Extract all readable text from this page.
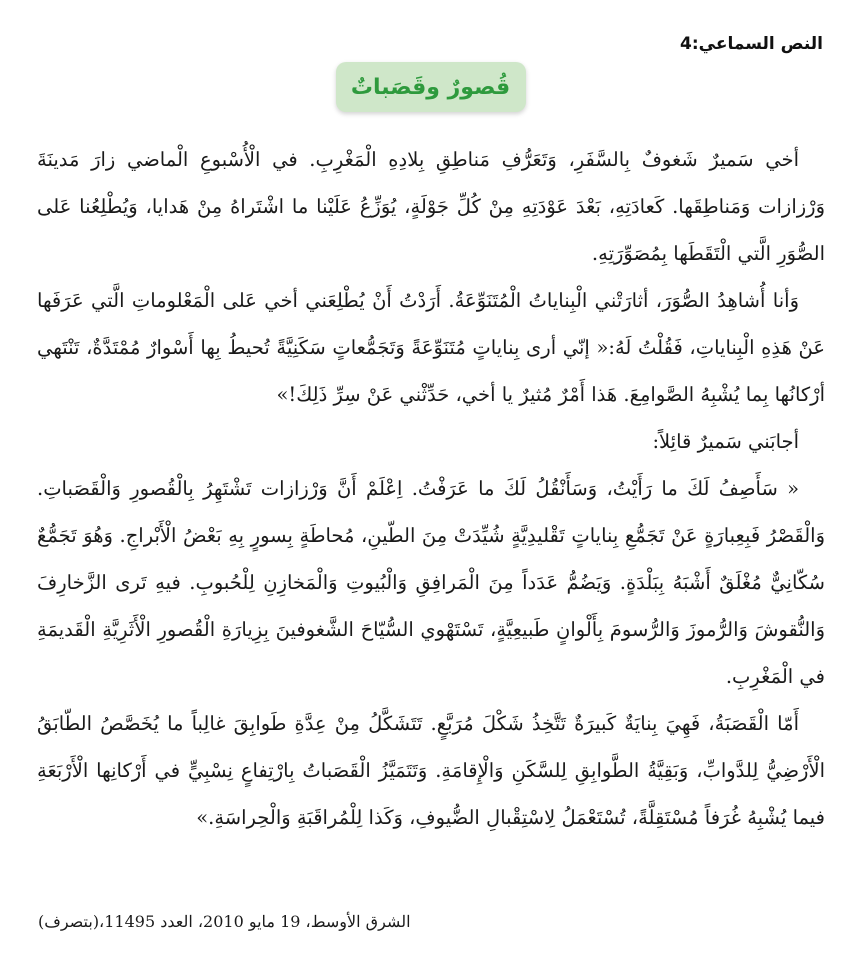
النص السماعي:4
قُصورٌ وقَصَباتٌ

أخي سَميرٌ شَغوفٌ بِالسَّفَرِ، وَتَعَرُّفِ مَناطِقِ بِلادِهِ الْمَغْرِبِ. في الْأُسْبوعِ الْماضي زارَ مَدينَةَ وَرْزازات وَمَناطِقَها. كَعادَتِهِ، بَعْدَ عَوْدَتِهِ مِنْ كُلِّ جَوْلَةٍ، يُوَزِّعُ عَلَيْنا ما اشْتَراهُ مِنْ هَدايا، وَيُطْلِعُنا عَلى الصُّوَرِ الَّتي الْتَقَطَها بِمُصَوِّرَتِهِ.

وَأنا أُشاهِدُ الصُّوَرَ، أثارَتْني الْبِناياتُ الْمُتَنَوِّعَةُ. أَرَدْتُ أَنْ يُطْلِعَني أخي عَلى الْمَعْلوماتِ الَّتي عَرَفَها عَنْ هَذِهِ الْبِناياتِ، فَقُلْتُ لَهُ:« إنّي أرى بِناياتٍ مُتَنَوِّعَةً وَتَجَمُّعاتٍ سَكَنِيَّةً تُحيطُ بِها أَسْوارٌ مُمْتَدَّةٌ، تَنْتَهي أرْكانُها بِما يُشْبِهُ الصَّوامِعَ. هَذا أَمْرٌ مُثيرٌ يا أخي، حَدِّثْني عَنْ سِرِّ ذَلِكَ!»

أجابَني سَميرٌ قائِلاً:

« سَأَصِفُ لَكَ ما رَأَيْتُ، وَسَأَنْقُلُ لَكَ ما عَرَفْتُ. اِعْلَمْ أَنَّ وَرْزازات تَشْتَهِرُ بِالْقُصورِ وَالْقَصَباتِ. وَالْقَصْرُ فَبِعِبارَةٍ عَنْ تَجَمُّعِ بِناياتٍ تَقْليدِيَّةٍ شُيِّدَتْ مِنَ الطّينِ، مُحاطَةٍ بِسورٍ بِهِ بَعْضُ الْأَبْراجِ. وَهُوَ تَجَمُّعٌ سُكّانِيٌّ مُغْلَقٌ أَشْبَهُ بِبَلْدَةٍ. وَيَضُمُّ عَدَداً مِنَ الْمَرافِقِ وَالْبُيوتِ وَالْمَخازِنِ لِلْحُبوبِ. فيهِ تَرى الزَّخارِفَ وَالنُّقوشَ وَالرُّموزَ وَالرُّسومَ بِأَلْوانٍ طَبيعِيَّةٍ، تَسْتَهْوي السُّيّاحَ الشَّغوفينَ بِزِيارَةِ الْقُصورِ الْأَثَرِيَّةِ الْقَديمَةِ في الْمَغْرِبِ.

أَمّا الْقَصَبَةُ، فَهِيَ بِنايَةٌ كَبيرَةٌ تَتَّخِذُ شَكْلَ مُرَبَّعٍ. تَتَشَكَّلُ مِنْ عِدَّةِ طَوابِقَ غالِباً ما يُخَصَّصُ الطّابَقُ الْأَرْضِيُّ لِلدَّوابِّ، وَبَقِيَّةُ الطَّوابِقِ لِلسَّكَنِ وَالْإِقامَةِ. وَتَتَمَيَّزُ الْقَصَباتُ بِارْتِفاعٍ نِسْبِيٍّ في أَرْكانِها الْأَرْبَعَةِ فيما يُشْبِهُ غُرَفاً مُسْتَقِلَّةً، تُسْتَعْمَلُ لِاسْتِقْبالِ الضُّيوفِ، وَكَذا لِلْمُراقَبَةِ وَالْحِراسَةِ.»

الشرق الأوسط، 19 مايو 2010، العدد 11495،(بتصرف)
